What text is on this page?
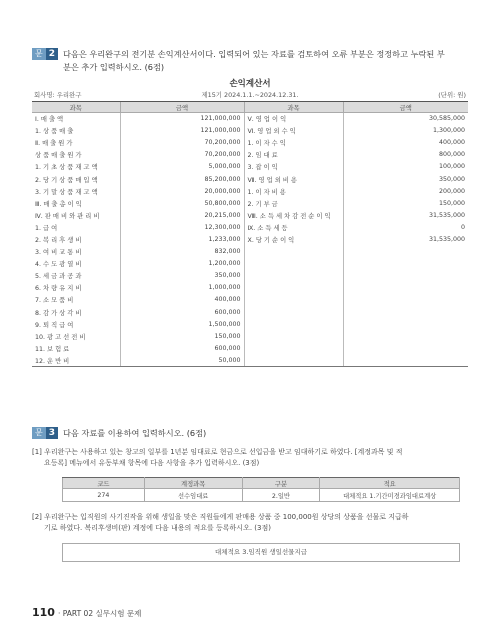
문 2 다음은 우리완구의 전기분 손익계산서이다. 입력되어 있는 자료를 검토하여 오류 부분은 정정하고 누락된 부
분은 추가 입력하시오. (6점)
손익계산서
회사명: 우리완구	제15기 2024.1.1.~2024.12.31.	(단위: 원)
과목	금액	과목	금액
Ⅰ. 매 출 액	121,000,000	Ⅴ. 영 업 이 익	30,585,000
1. 상 품 매 출	121,000,000	Ⅵ. 영 업 외 수 익	1,300,000
Ⅱ. 매 출 원 가	70,200,000	1. 이 자 수 익	400,000
상 품 매 출 원 가	70,200,000	2. 임 대 료	800,000
1. 기 초 상 품 재 고 액	5,000,000	3. 잡 이 익	100,000
2. 당 기 상 품 매 입 액	85,200,000	Ⅶ. 영 업 외 비 용	350,000
3. 기 말 상 품 재 고 액	20,000,000	1. 이 자 비 용	200,000
Ⅲ. 매 출 총 이 익	50,800,000	2. 기 부 금	150,000
Ⅳ. 판 매 비 와 관 리 비	20,215,000	Ⅷ. 소 득 세 차 감 전 순 이 익	31,535,000
1. 급 여	12,300,000	Ⅸ. 소 득 세 등	0
2. 복 리 후 생 비	1,233,000	Ⅹ. 당 기 순 이 익	31,535,000
3. 여 비 교 통 비	832,000		
4. 수 도 광 열 비	1,200,000		
5. 세 금 과 공 과	350,000		
6. 차 량 유 지 비	1,000,000		
7. 소 모 품 비	400,000		
8. 감 가 상 각 비	600,000		
9. 퇴 직 급 여	1,500,000		
10. 광 고 선 전 비	150,000		
11. 보 험 료	600,000		
12. 운 반 비	50,000		
문 3 다음 자료를 이용하여 입력하시오. (6점)
[1] 우리완구는 사용하고 있는 창고의 일부를 1년분 임대료로 현금으로 선입금을 받고 임대하기로 하였다. [계정과목 및 적
요등록] 메뉴에서 유동부채 항목에 다음 사항을 추가 입력하시오. (3점)
코드	계정과목	구분	적요
274	선수임대료	2.일반	대체적요 1.기간미경과임대료계상
[2] 우리완구는 입직원의 사기진작을 위해 생일을 맞은 직원들에게 판매용 상품 중 100,000원 상당의 상품을 선물로 지급하
기로 하였다. 복리후생비(판) 계정에 다음 내용의 적요를 등록하시오. (3점)
대체적요 3.임직원 생일선물지급
110 · PART 02 실무시험 문제
